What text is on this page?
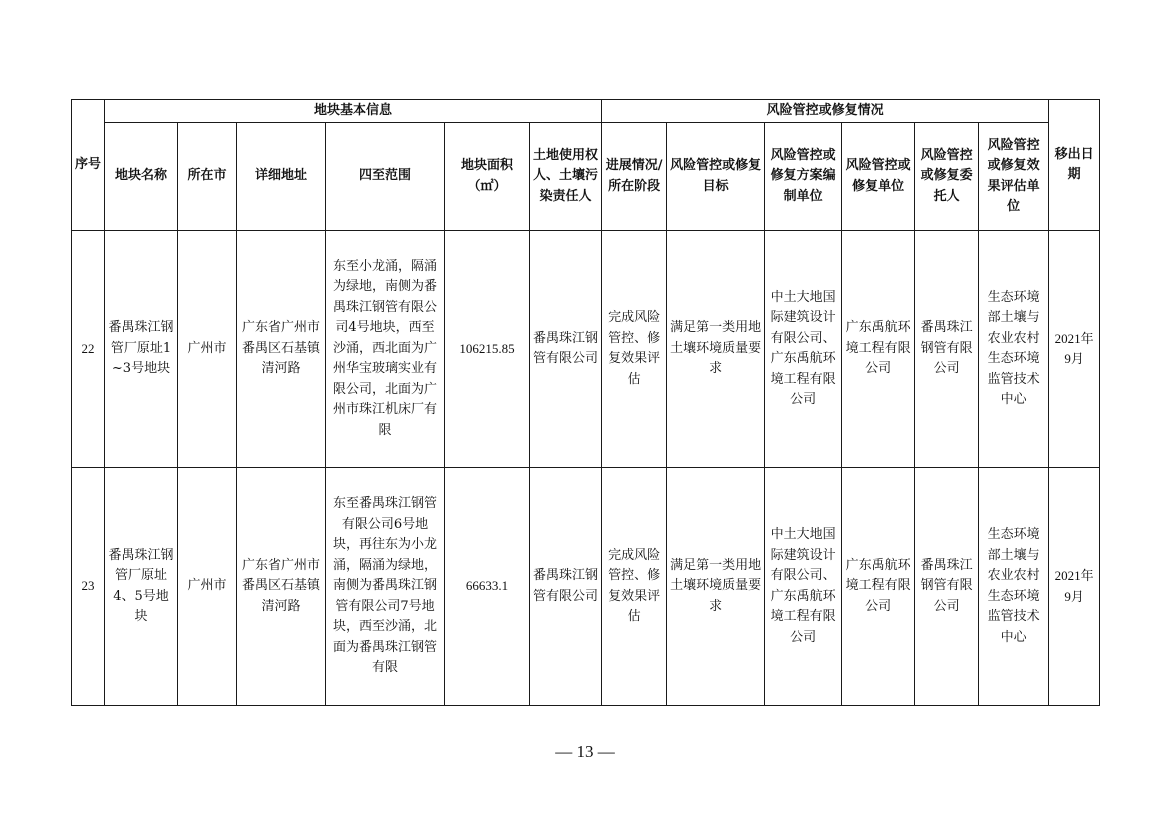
序号	地块基本信息						风险管控或修复情况						移出日期
	地块名称	所在市	详细地址	四至范围	地块面积（㎡）	土地使用权人、土壤污染责任人	进展情况/所在阶段	风险管控或修复目标	风险管控或修复方案编制单位	风险管控或修复单位	风险管控或修复委托人	风险管控或修复效果评估单位	
22	番禺珠江钢管厂原址1~3号地块	广州市	广东省广州市番禺区石基镇清河路	东至小龙涌，隔涌为绿地，南侧为番禺珠江钢管有限公司4号地块，西至沙涌，西北面为广州华宝玻璃实业有限公司，北面为广州市珠江机床厂有限	106215.85	番禺珠江钢管有限公司	完成风险管控、修复效果评估	满足第一类用地土壤环境质量要求	中土大地国际建筑设计有限公司、广东禹航环境工程有限公司	广东禹航环境工程有限公司	番禺珠江钢管有限公司	生态环境部土壤与农业农村生态环境监管技术中心	2021年9月
23	番禺珠江钢管厂原址4、5号地块	广州市	广东省广州市番禺区石基镇清河路	东至番禺珠江钢管有限公司6号地块，再往东为小龙涌，隔涌为绿地，南侧为番禺珠江钢管有限公司7号地块，西至沙涌，北面为番禺珠江钢管有限	66633.1	番禺珠江钢管有限公司	完成风险管控、修复效果评估	满足第一类用地土壤环境质量要求	中土大地国际建筑设计有限公司、广东禹航环境工程有限公司	广东禹航环境工程有限公司	番禺珠江钢管有限公司	生态环境部土壤与农业农村生态环境监管技术中心	2021年9月
— 13 —
